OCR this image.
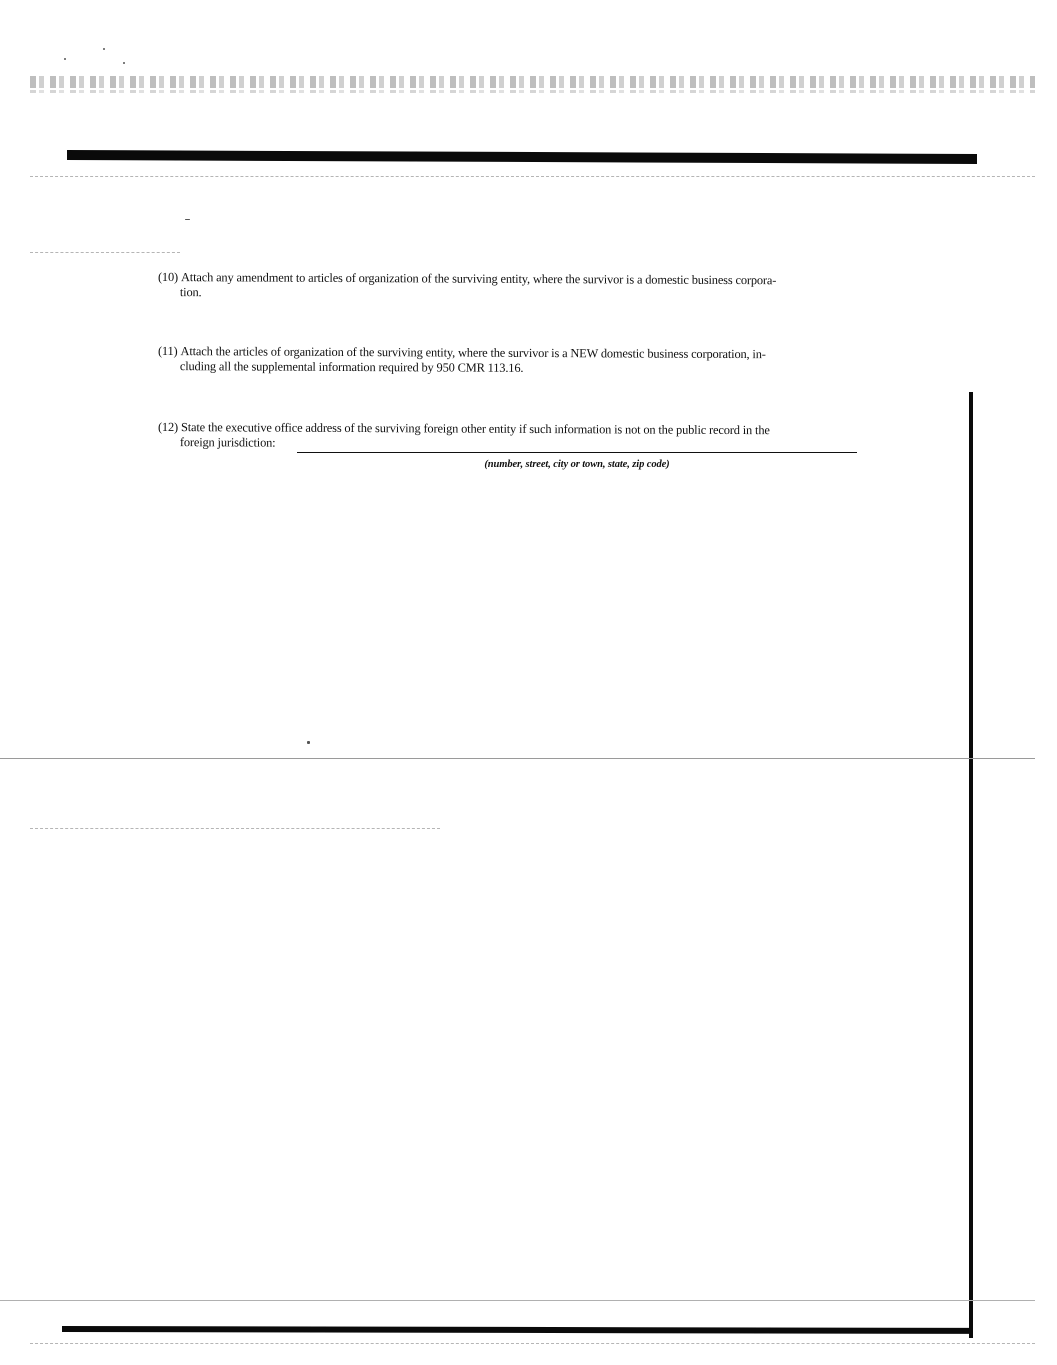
(10) Attach any amendment to articles of organization of the surviving entity, where the survivor is a domestic business corpora-
tion.
(11) Attach the articles of organization of the surviving entity, where the survivor is a NEW domestic business corporation, in-
cluding all the supplemental information required by 950 CMR 113.16.
(12) State the executive office address of the surviving foreign other entity if such information is not on the public record in the
foreign jurisdiction:
(number, street, city or town, state, zip code)
